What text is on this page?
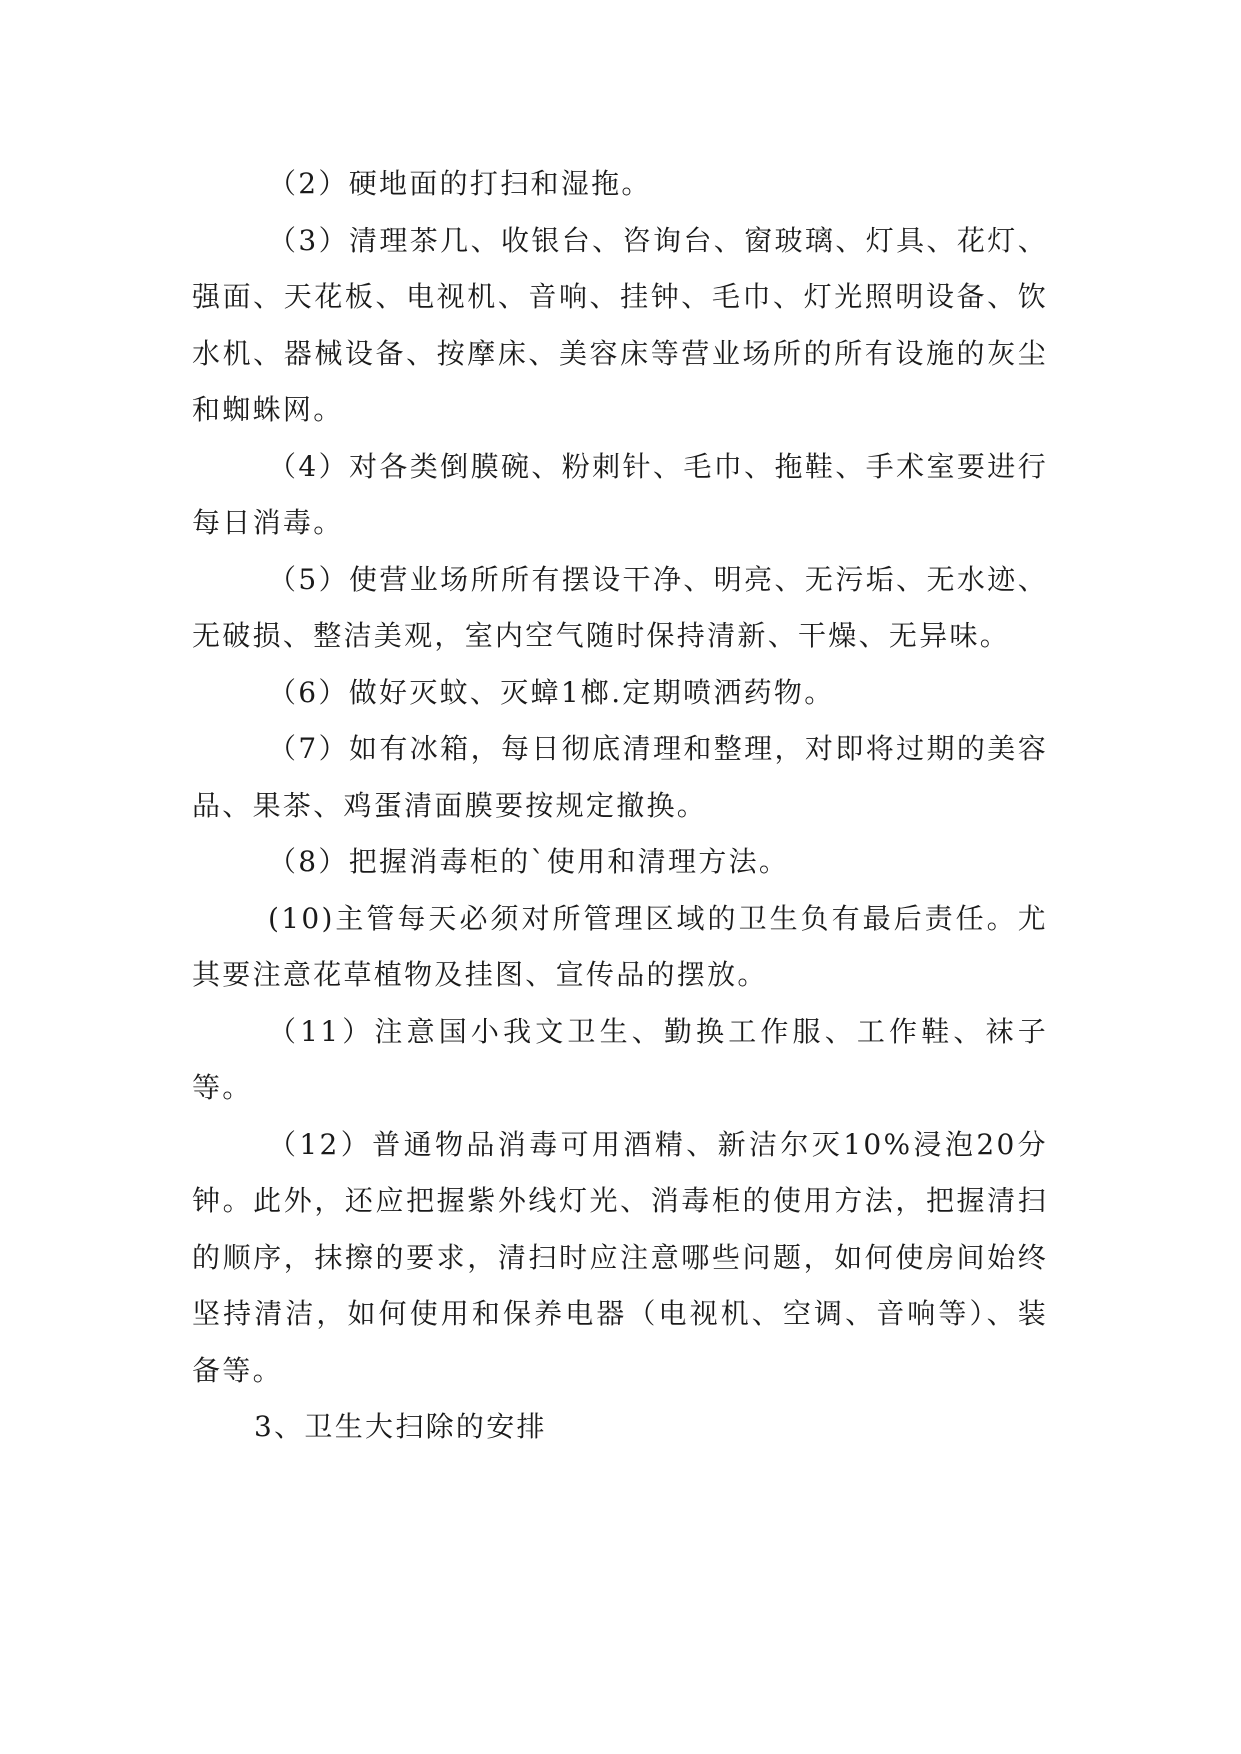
（2）硬地面的打扫和湿拖。

（3）清理茶几、收银台、咨询台、窗玻璃、灯具、花灯、强面、天花板、电视机、音响、挂钟、毛巾、灯光照明设备、饮水机、器械设备、按摩床、美容床等营业场所的所有设施的灰尘和蜘蛛网。

（4）对各类倒膜碗、粉刺针、毛巾、拖鞋、手术室要进行每日消毒。

（5）使营业场所所有摆设干净、明亮、无污垢、无水迹、无破损、整洁美观，室内空气随时保持清新、干燥、无异味。

（6）做好灭蚊、灭蟑1榔.定期喷洒药物。

（7）如有冰箱，每日彻底清理和整理，对即将过期的美容品、果茶、鸡蛋清面膜要按规定撤换。

（8）把握消毒柜的`使用和清理方法。

(10)主管每天必须对所管理区域的卫生负有最后责任。尤其要注意花草植物及挂图、宣传品的摆放。

（11）注意国小我文卫生、勤换工作服、工作鞋、袜子等。

（12）普通物品消毒可用酒精、新洁尔灭10%浸泡20分钟。此外，还应把握紫外线灯光、消毒柜的使用方法，把握清扫的顺序，抹擦的要求，清扫时应注意哪些问题，如何使房间始终坚持清洁，如何使用和保养电器（电视机、空调、音响等）、装备等。

3、卫生大扫除的安排
